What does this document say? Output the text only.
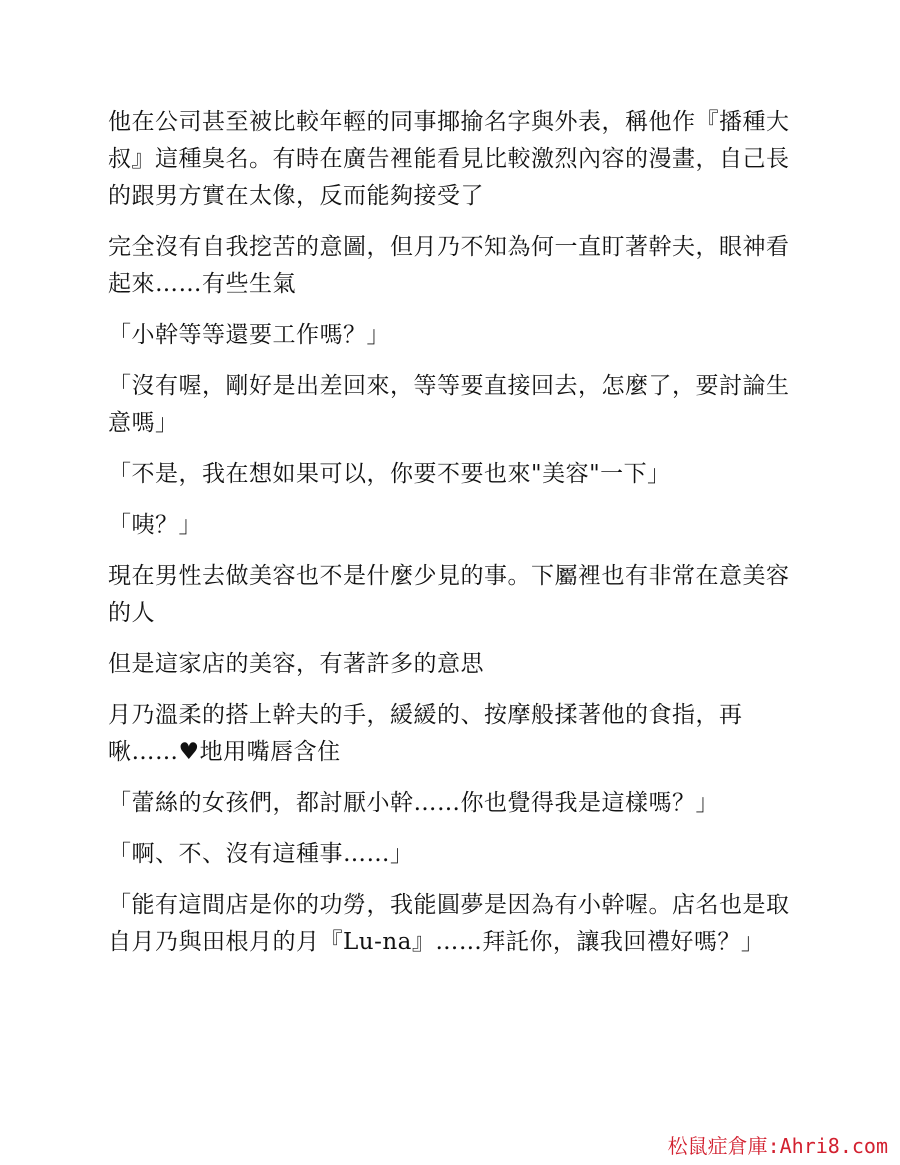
他在公司甚至被比較年輕的同事揶揄名字與外表，稱他作『播種大叔』這種臭名。有時在廣告裡能看見比較激烈內容的漫畫，自己長的跟男方實在太像，反而能夠接受了

完全沒有自我挖苦的意圖，但月乃不知為何一直盯著幹夫，眼神看起來……有些生氣

「小幹等等還要工作嗎？」

「沒有喔，剛好是出差回來，等等要直接回去，怎麼了，要討論生意嗎」

「不是，我在想如果可以，你要不要也來"美容"一下」

「咦？」

現在男性去做美容也不是什麼少見的事。下屬裡也有非常在意美容的人

但是這家店的美容，有著許多的意思

月乃溫柔的搭上幹夫的手，緩緩的、按摩般揉著他的食指，再啾……♥地用嘴唇含住

「蕾絲的女孩們，都討厭小幹……你也覺得我是這樣嗎？」

「啊、不、沒有這種事……」

「能有這間店是你的功勞，我能圓夢是因為有小幹喔。店名也是取自月乃與田根月的月『Lu-na』……拜託你，讓我回禮好嗎？」

松鼠症倉庫:Ahri8.com
